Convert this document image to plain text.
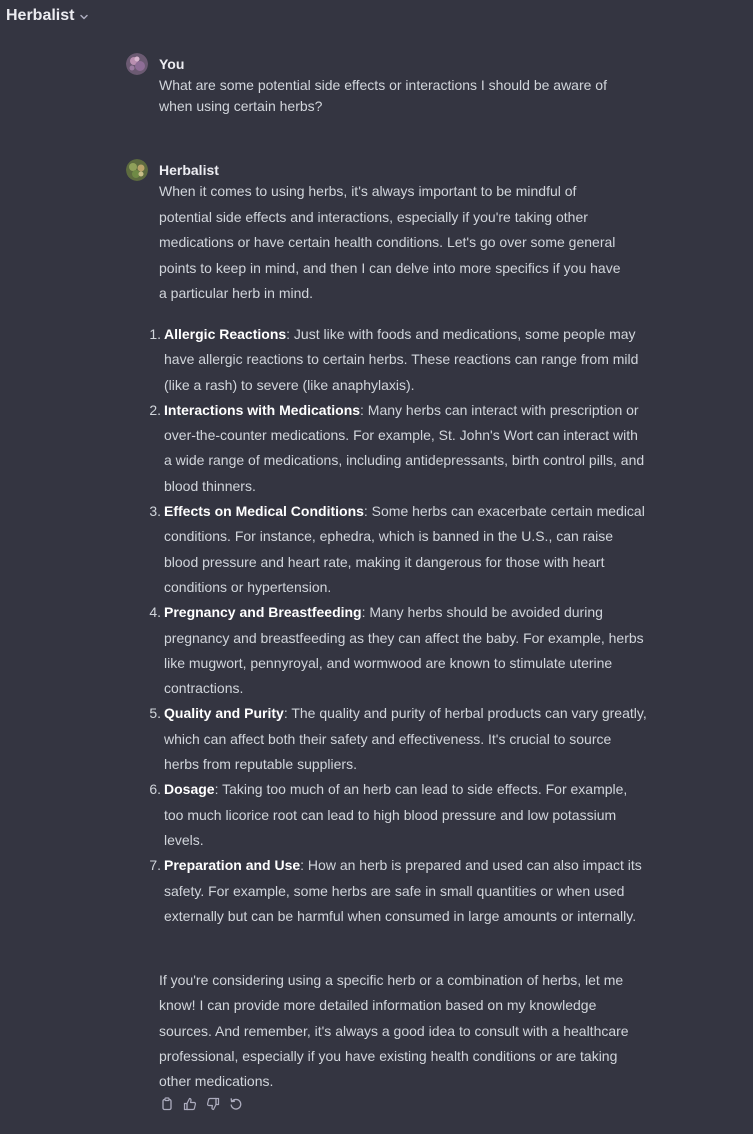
Herbalist
You
What are some potential side effects or interactions I should be aware of when using certain herbs?
Herbalist

When it comes to using herbs, it's always important to be mindful of potential side effects and interactions, especially if you're taking other medications or have certain health conditions. Let's go over some general points to keep in mind, and then I can delve into more specifics if you have a particular herb in mind.

1. Allergic Reactions: Just like with foods and medications, some people may have allergic reactions to certain herbs. These reactions can range from mild (like a rash) to severe (like anaphylaxis).
2. Interactions with Medications: Many herbs can interact with prescription or over-the-counter medications. For example, St. John's Wort can interact with a wide range of medications, including antidepressants, birth control pills, and blood thinners.
3. Effects on Medical Conditions: Some herbs can exacerbate certain medical conditions. For instance, ephedra, which is banned in the U.S., can raise blood pressure and heart rate, making it dangerous for those with heart conditions or hypertension.
4. Pregnancy and Breastfeeding: Many herbs should be avoided during pregnancy and breastfeeding as they can affect the baby. For example, herbs like mugwort, pennyroyal, and wormwood are known to stimulate uterine contractions.
5. Quality and Purity: The quality and purity of herbal products can vary greatly, which can affect both their safety and effectiveness. It's crucial to source herbs from reputable suppliers.
6. Dosage: Taking too much of an herb can lead to side effects. For example, too much licorice root can lead to high blood pressure and low potassium levels.
7. Preparation and Use: How an herb is prepared and used can also impact its safety. For example, some herbs are safe in small quantities or when used externally but can be harmful when consumed in large amounts or internally.

If you're considering using a specific herb or a combination of herbs, let me know! I can provide more detailed information based on my knowledge sources. And remember, it's always a good idea to consult with a healthcare professional, especially if you have existing health conditions or are taking other medications.
